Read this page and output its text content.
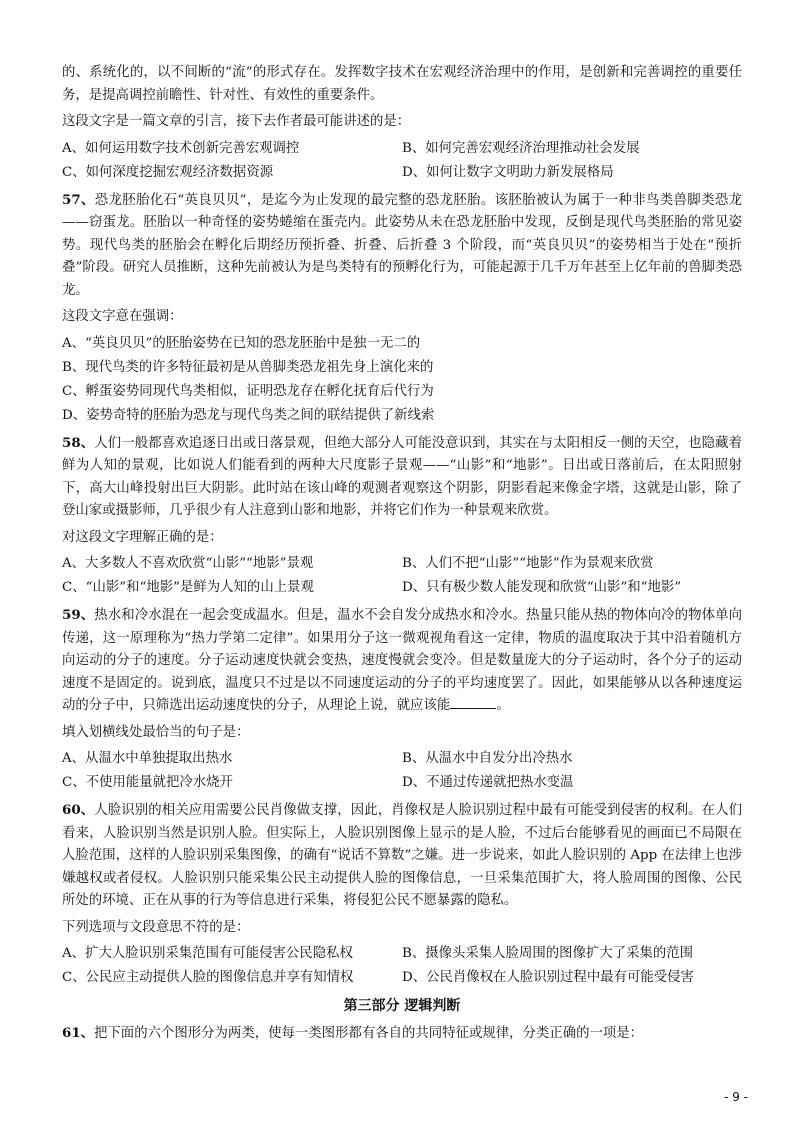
的、系统化的，以不间断的“流”的形式存在。发挥数字技术在宏观经济治理中的作用，是创新和完善调控的重要任务，是提高调控前瞻性、针对性、有效性的重要条件。

这段文字是一篇文章的引言，接下去作者最可能讲述的是：

A、如何运用数字技术创新完善宏观调控	B、如何完善宏观经济治理推动社会发展
C、如何深度挖掘宏观经济数据资源	D、如何让数字文明助力新发展格局

57、恐龙胚胎化石“英良贝贝”，是迄今为止发现的最完整的恐龙胚胎。该胚胎被认为属于一种非鸟类兽脚类恐龙——窃蛋龙。胚胎以一种奇怪的姿势蜷缩在蛋壳内。此姿势从未在恐龙胚胎中发现，反倒是现代鸟类胚胎的常见姿势。现代鸟类的胚胎会在孵化后期经历预折叠、折叠、后折叠 3 个阶段，而“英良贝贝”的姿势相当于处在“预折叠”阶段。研究人员推断，这种先前被认为是鸟类特有的预孵化行为，可能起源于几千万年甚至上亿年前的兽脚类恐龙。

这段文字意在强调：

A、“英良贝贝”的胚胎姿势在已知的恐龙胚胎中是独一无二的
B、现代鸟类的许多特征最初是从兽脚类恐龙祖先身上演化来的
C、孵蛋姿势同现代鸟类相似，证明恐龙存在孵化抚育后代行为
D、姿势奇特的胚胎为恐龙与现代鸟类之间的联结提供了新线索

58、人们一般都喜欢追逐日出或日落景观，但绝大部分人可能没意识到，其实在与太阳相反一侧的天空，也隐藏着鲜为人知的景观，比如说人们能看到的两种大尺度影子景观——“山影”和“地影”。日出或日落前后，在太阳照射下，高大山峰投射出巨大阴影。此时站在该山峰的观测者观察这个阴影，阴影看起来像金字塔，这就是山影，除了登山家或摄影师，几乎很少有人注意到山影和地影，并将它们作为一种景观来欣赏。

对这段文字理解正确的是：

A、大多数人不喜欢欣赏“山影”“地影”景观	B、人们不把“山影”“地影”作为景观来欣赏
C、“山影”和“地影”是鲜为人知的山上景观	D、只有极少数人能发现和欣赏“山影”和“地影”

59、热水和冷水混在一起会变成温水。但是，温水不会自发分成热水和冷水。热量只能从热的物体向冷的物体单向传递，这一原理称为“热力学第二定律”。如果用分子这一微观视角看这一定律，物质的温度取决于其中沿着随机方向运动的分子的速度。分子运动速度快就会变热，速度慢就会变冷。但是数量庞大的分子运动时，各个分子的运动速度不是固定的。说到底，温度只不过是以不同速度运动的分子的平均速度罢了。因此，如果能够从以各种速度运动的分子中，只筛选出运动速度快的分子，从理论上说，就应该能	。

填入划横线处最恰当的句子是：

A、从温水中单独提取出热水	B、从温水中自发分出冷热水
C、不使用能量就把冷水烧开	D、不通过传递就把热水变温

60、人脸识别的相关应用需要公民肖像做支撑，因此，肖像权是人脸识别过程中最有可能受到侵害的权利。在人们看来，人脸识别当然是识别人脸。但实际上，人脸识别图像上显示的是人脸，不过后台能够看见的画面已不局限在人脸范围，这样的人脸识别采集图像，的确有“说话不算数”之嫌。进一步说来，如此人脸识别的 App 在法律上也涉嫌越权或者侵权。人脸识别只能采集公民主动提供人脸的图像信息，一旦采集范围扩大，将人脸周围的图像、公民所处的环境、正在从事的行为等信息进行采集，将侵犯公民不愿暴露的隐私。

下列选项与文段意思不符的是：

A、扩大人脸识别采集范围有可能侵害公民隐私权	B、摄像头采集人脸周围的图像扩大了采集的范围
C、公民应主动提供人脸的图像信息并享有知情权	D、公民肖像权在人脸识别过程中最有可能受侵害
第三部分 逻辑判断

61、把下面的六个图形分为两类，使每一类图形都有各自的共同特征或规律，分类正确的一项是：

- 9 -
